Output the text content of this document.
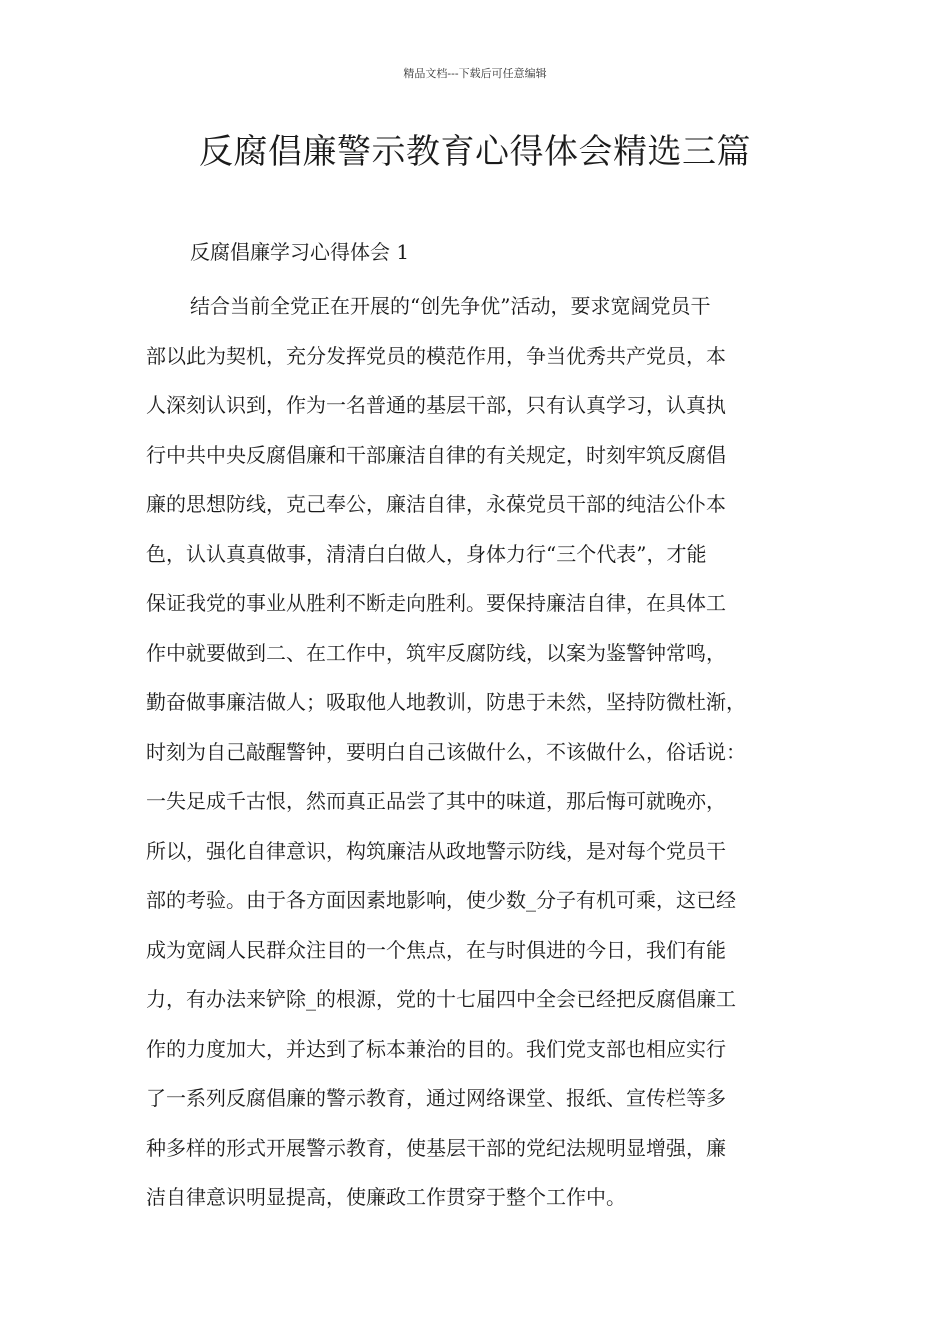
精品文档---下载后可任意编辑
反腐倡廉警示教育心得体会精选三篇

反腐倡廉学习心得体会 1

结合当前全党正在开展的“创先争优”活动，要求宽阔党员干
部以此为契机，充分发挥党员的模范作用，争当优秀共产党员，本
人深刻认识到，作为一名普通的基层干部，只有认真学习，认真执
行中共中央反腐倡廉和干部廉洁自律的有关规定，时刻牢筑反腐倡
廉的思想防线，克己奉公，廉洁自律，永葆党员干部的纯洁公仆本
色，认认真真做事，清清白白做人，身体力行“三个代表”，才能
保证我党的事业从胜利不断走向胜利。要保持廉洁自律，在具体工
作中就要做到二、在工作中，筑牢反腐防线，以案为鉴警钟常鸣，
勤奋做事廉洁做人；吸取他人地教训，防患于未然，坚持防微杜渐，
时刻为自己敲醒警钟，要明白自己该做什么，不该做什么，俗话说：
一失足成千古恨，然而真正品尝了其中的味道，那后悔可就晚亦，
所以，强化自律意识，构筑廉洁从政地警示防线，是对每个党员干
部的考验。由于各方面因素地影响，使少数_分子有机可乘，这已经
成为宽阔人民群众注目的一个焦点，在与时俱进的今日，我们有能
力，有办法来铲除_的根源，党的十七届四中全会已经把反腐倡廉工
作的力度加大，并达到了标本兼治的目的。我们党支部也相应实行
了一系列反腐倡廉的警示教育，通过网络课堂、报纸、宣传栏等多
种多样的形式开展警示教育，使基层干部的党纪法规明显增强，廉
洁自律意识明显提高，使廉政工作贯穿于整个工作中。
